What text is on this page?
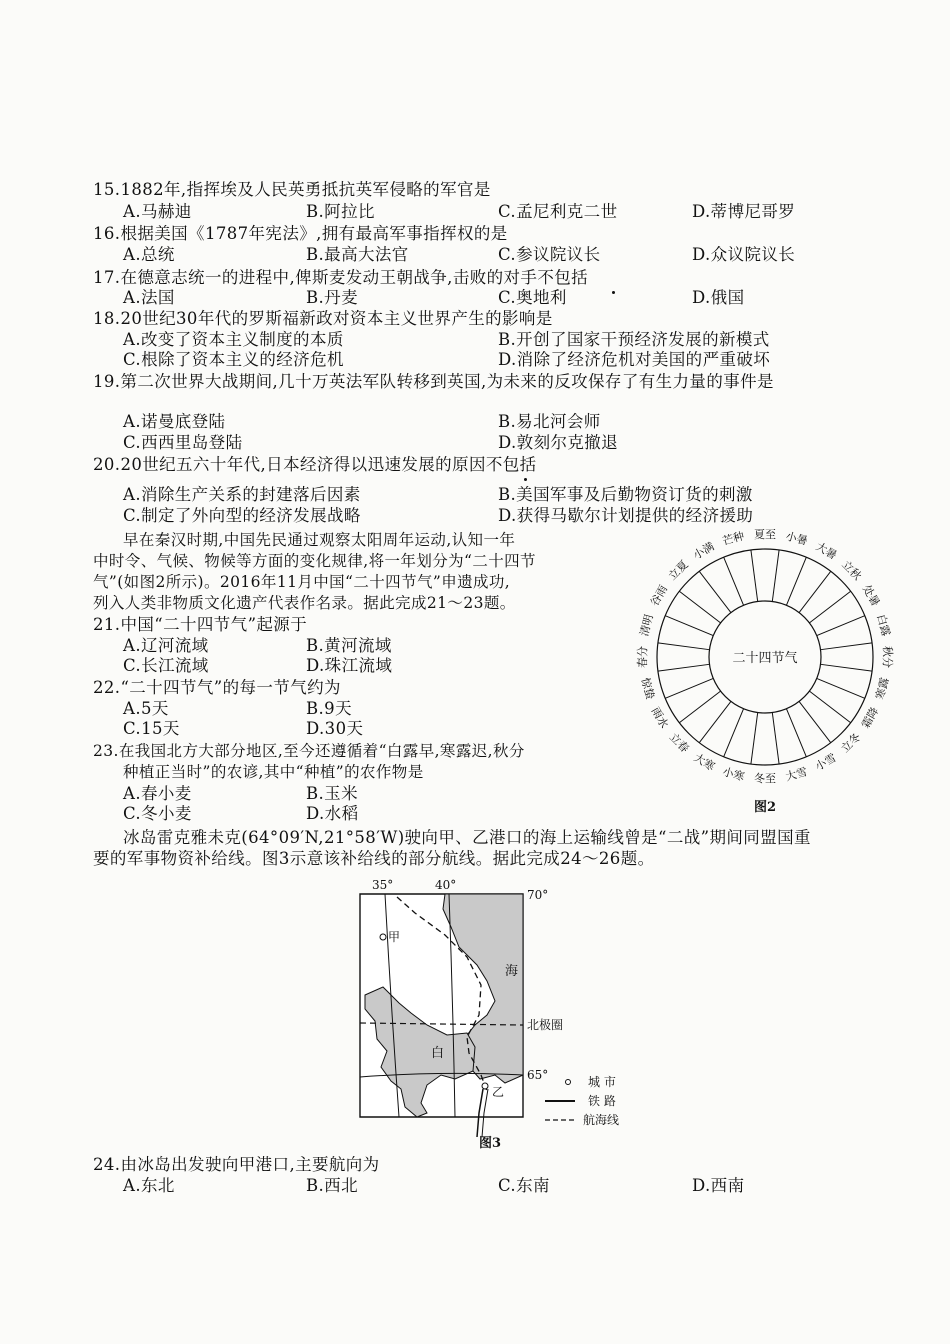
15.1882年,指挥埃及人民英勇抵抗英军侵略的军官是
A.马赫迪	B.阿拉比	C.孟尼利克二世	D.蒂博尼哥罗
16.根据美国《1787年宪法》,拥有最高军事指挥权的是
A.总统	B.最高大法官	C.参议院议长	D.众议院议长
17.在德意志统一的进程中,俾斯麦发动王朝战争,击败的对手不包括
A.法国	B.丹麦	C.奥地利	D.俄国
18.20世纪30年代的罗斯福新政对资本主义世界产生的影响是
A.改变了资本主义制度的本质	B.开创了国家干预经济发展的新模式
C.根除了资本主义的经济危机	D.消除了经济危机对美国的严重破坏
19.第二次世界大战期间,几十万英法军队转移到英国,为未来的反攻保存了有生力量的事件是
A.诺曼底登陆	B.易北河会师
C.西西里岛登陆	D.敦刻尔克撤退
20.20世纪五六十年代,日本经济得以迅速发展的原因不包括
A.消除生产关系的封建落后因素	B.美国军事及后勤物资订货的刺激
C.制定了外向型的经济发展战略	D.获得马歇尔计划提供的经济援助
早在秦汉时期,中国先民通过观察太阳周年运动,认知一年
中时令、气候、物候等方面的变化规律,将一年划分为“二十四节
气”(如图2所示)。2016年11月中国“二十四节气”申遗成功,
列入人类非物质文化遗产代表作名录。据此完成21～23题。
21.中国“二十四节气”起源于
A.辽河流域	B.黄河流域
C.长江流域	D.珠江流域
22.“二十四节气”的每一节气约为
A.5天	B.9天
C.15天	D.30天
23.在我国北方大部分地区,至今还遵循着“白露早,寒露迟,秋分
种植正当时”的农谚,其中“种植”的农作物是
A.春小麦	B.玉米
C.冬小麦	D.水稻
二十四节气
夏至 小暑
大暑
立秋
处暑
白露
秋分
寒露
霜降
立冬
小雪
大雪
冬至
小寒
大寒
立春
雨水
惊蛰
春分
清明
谷雨
立夏
小满
芒种
图2
冰岛雷克雅未克(64°09′N,21°58′W)驶向甲、乙港口的海上运输线曾是“二战”期间同盟国重
要的军事物资补给线。图3示意该补给线的部分航线。据此完成24～26题。
35°	40°
70°
北极圈
65°
甲
乙
海
白
城 市
铁 路
航海线
图3
24.由冰岛出发驶向甲港口,主要航向为
A.东北	B.西北	C.东南	D.西南
